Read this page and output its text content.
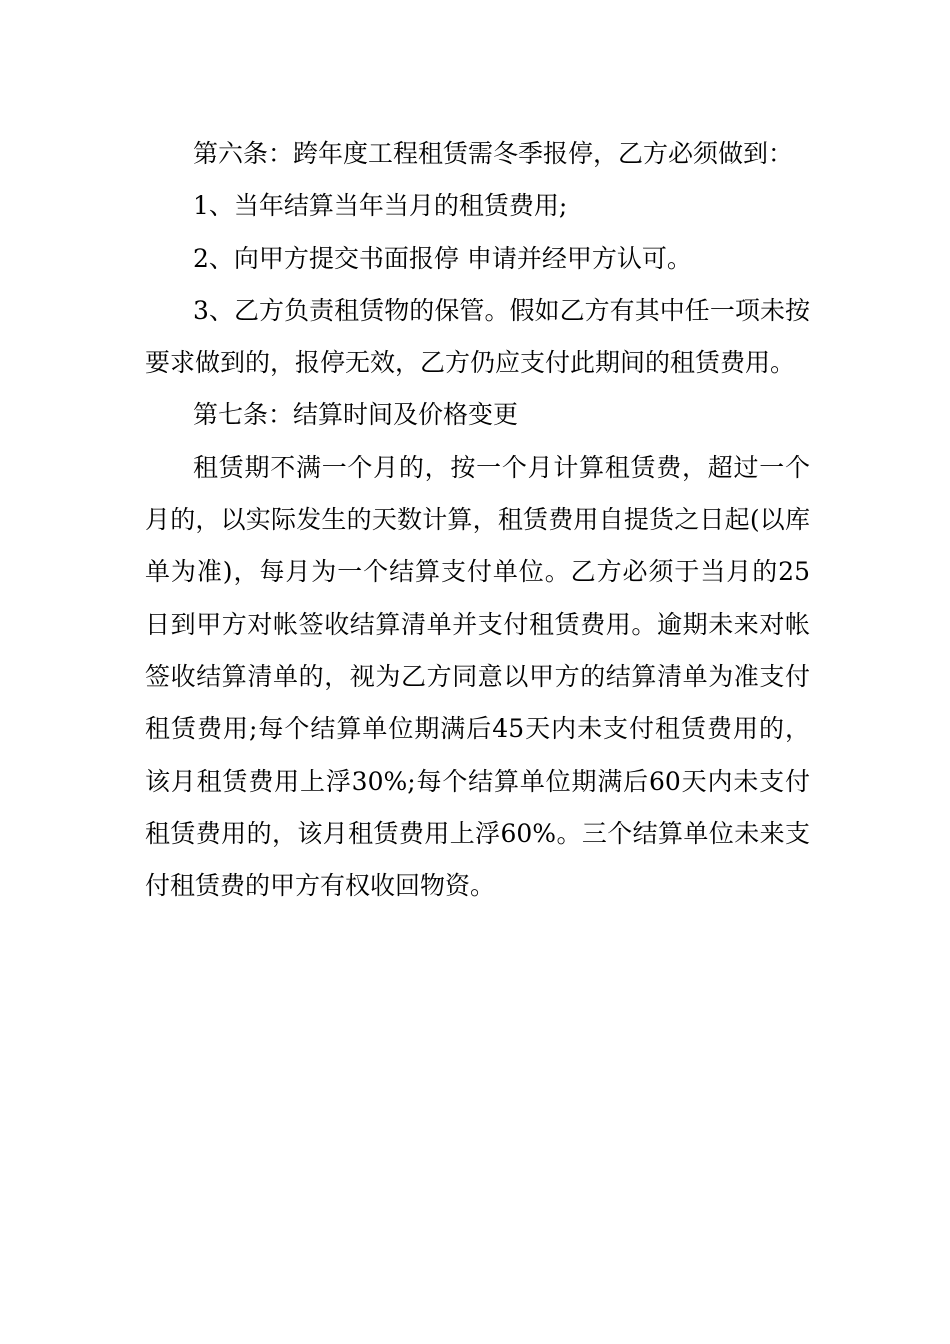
第六条：跨年度工程租赁需冬季报停，乙方必须做到：

1、当年结算当年当月的租赁费用;

2、向甲方提交书面报停 申请并经甲方认可。

3、乙方负责租赁物的保管。假如乙方有其中任一项未按要求做到的，报停无效，乙方仍应支付此期间的租赁费用。

第七条：结算时间及价格变更

租赁期不满一个月的，按一个月计算租赁费，超过一个月的，以实际发生的天数计算，租赁费用自提货之日起(以库单为准)，每月为一个结算支付单位。乙方必须于当月的25日到甲方对帐签收结算清单并支付租赁费用。逾期未来对帐签收结算清单的，视为乙方同意以甲方的结算清单为准支付租赁费用;每个结算单位期满后45天内未支付租赁费用的，该月租赁费用上浮30%;每个结算单位期满后60天内未支付租赁费用的，该月租赁费用上浮60%。三个结算单位未来支付租赁费的甲方有权收回物资。
